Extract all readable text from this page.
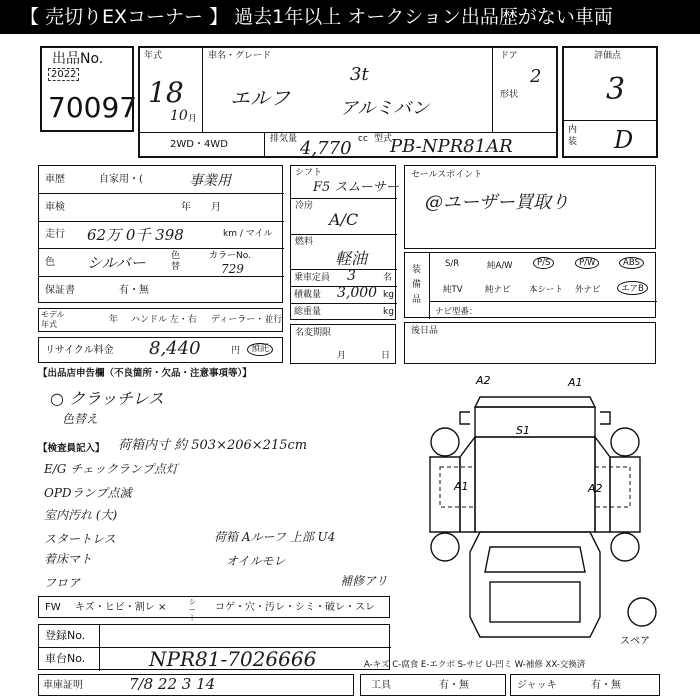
【 売切りEXコーナー 】 過去1年以上 オークション出品歴がない車両
出品No.
2022
70097
年式
18
10 月
車名・グレード
エルフ
3t
アルミバン
ドア
2
形状
2WD・4WD	排気量 4,770 cc 型式
PB-NPR81AR
評価点
3
内装 D
車歴	自家用・(	事業用
車検	年　　月
走行 62万 0千 398	km / マイル
色 シルバー	色替
カラーNo.
729
保証書	有・無
シフト
F5 スムーサー
冷房
A/C
燃料
軽油
乗車定員 3	名
積載量 3,000 kg
総重量	kg
セールスポイント
@ユーザー買取り
装備品
S/R	純A/W	P/S	P/W	ABS
純TV	純ナビ 本シート 外ナビ	エアB
ナビ型番：
モデル年式	年 ハンドル 左・右 ディーラー・並行
リサイクル料金 8,440	円	預託
名変期限
月	日
後日品
【出品店申告欄（不良箇所・欠品・注意事項等）】
○ クラッチレス
色替え
【検査員記入】 荷箱内寸 約 503×206×215cm
E/G チェックランプ点灯
OPDランプ点滅
室内汚れ (大)
スタートレス
着床マト
フロア
荷箱 Aルーフ 上部 U4
オイルモレ
補修アリ
FW キズ・ヒビ・割レ ×	シート
コゲ・穴・汚レ・シミ・破レ・スレ
登録No.
車台No.	NPR81-7026666	A-キズ C-腐食 E-エクボ S-サビ U-凹ミ W-補修 XX-交換済
車庫証明	7/8 22 3 14	工具	有・無	ジャッキ	有・無
A2	A1
S1
A1	A2
スペア
